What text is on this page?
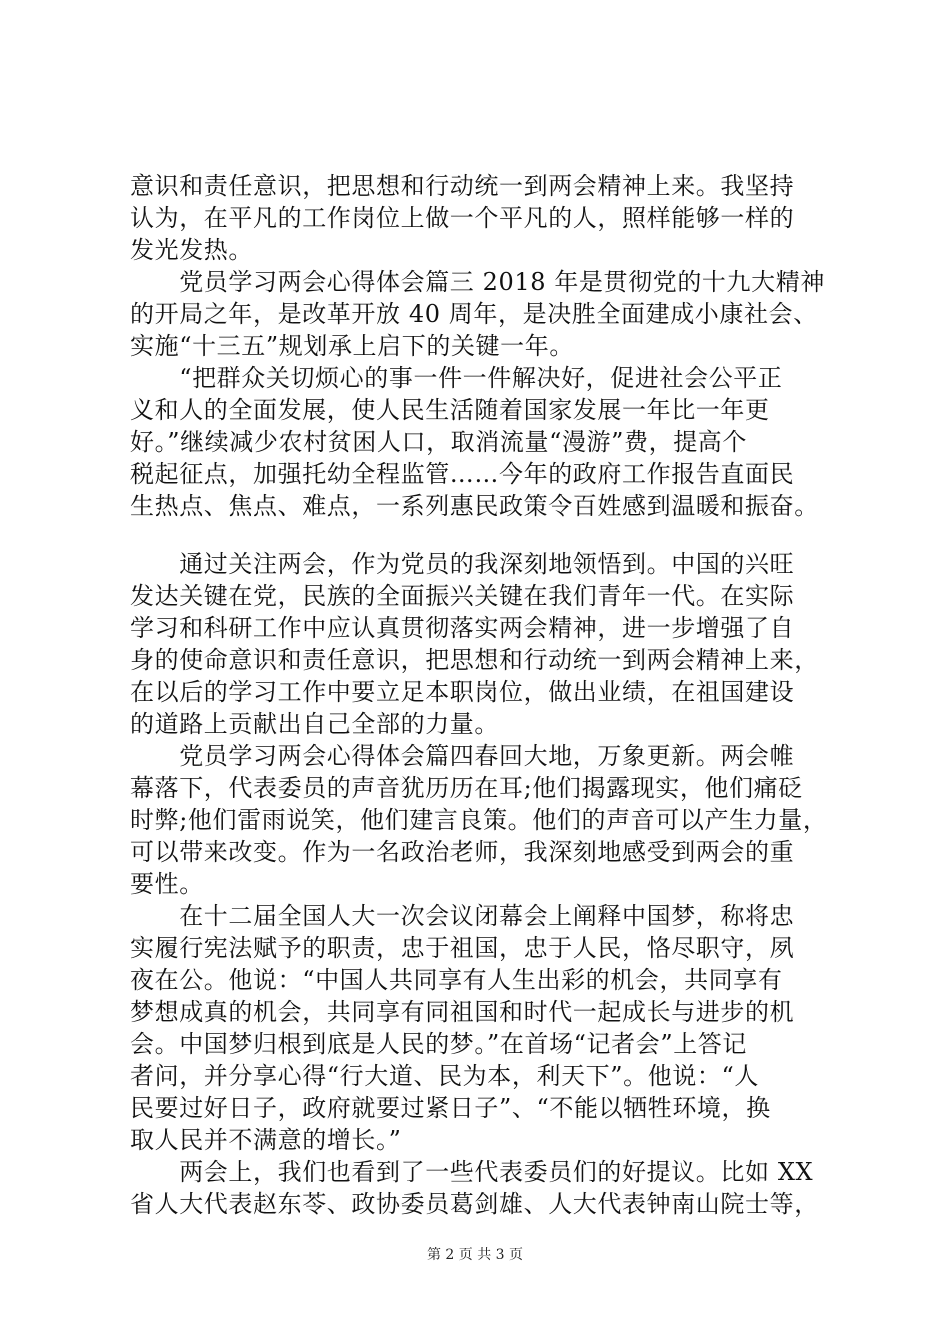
意识和责任意识，把思想和行动统一到两会精神上来。我坚持
认为，在平凡的工作岗位上做一个平凡的人，照样能够一样的
发光发热。
　　党员学习两会心得体会篇三 2018 年是贯彻党的十九大精神
的开局之年，是改革开放 40 周年，是决胜全面建成小康社会、
实施“十三五”规划承上启下的关键一年。
　　“把群众关切烦心的事一件一件解决好，促进社会公平正
义和人的全面发展，使人民生活随着国家发展一年比一年更
好。”继续减少农村贫困人口，取消流量“漫游”费，提高个
税起征点，加强托幼全程监管……今年的政府工作报告直面民
生热点、焦点、难点，一系列惠民政策令百姓感到温暖和振奋。
　　通过关注两会，作为党员的我深刻地领悟到。中国的兴旺
发达关键在党，民族的全面振兴关键在我们青年一代。在实际
学习和科研工作中应认真贯彻落实两会精神，进一步增强了自
身的使命意识和责任意识，把思想和行动统一到两会精神上来，
在以后的学习工作中要立足本职岗位，做出业绩，在祖国建设
的道路上贡献出自己全部的力量。
　　党员学习两会心得体会篇四春回大地，万象更新。两会帷
幕落下，代表委员的声音犹历历在耳;他们揭露现实，他们痛砭
时弊;他们雷雨说笑，他们建言良策。他们的声音可以产生力量，
可以带来改变。作为一名政治老师，我深刻地感受到两会的重
要性。
　　在十二届全国人大一次会议闭幕会上阐释中国梦，称将忠
实履行宪法赋予的职责，忠于祖国，忠于人民，恪尽职守，夙
夜在公。他说：“中国人共同享有人生出彩的机会，共同享有
梦想成真的机会，共同享有同祖国和时代一起成长与进步的机
会。中国梦归根到底是人民的梦。”在首场“记者会”上答记
者问，并分享心得“行大道、民为本，利天下”。他说：“人
民要过好日子，政府就要过紧日子”、“不能以牺牲环境，换
取人民并不满意的增长。”
　　两会上，我们也看到了一些代表委员们的好提议。比如 XX
省人大代表赵东苓、政协委员葛剑雄、人大代表钟南山院士等，
第 2 页 共 3 页
